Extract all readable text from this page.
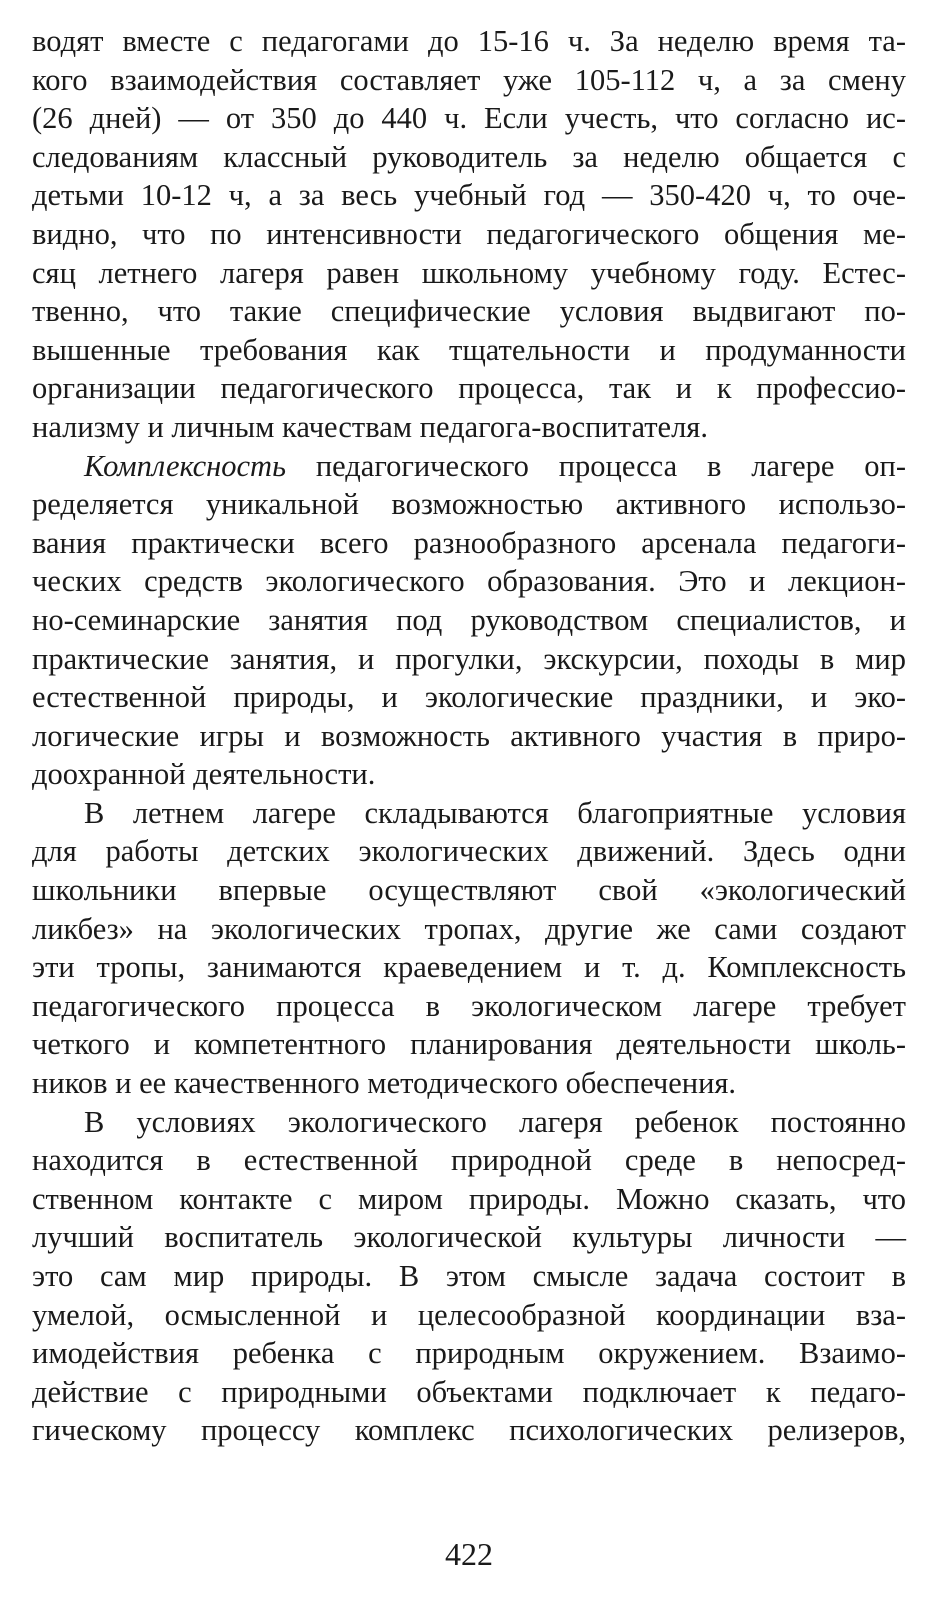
водят вместе с педагогами до 15-16 ч. За неделю время та-
кого взаимодействия составляет уже 105-112 ч, а за смену
(26 дней) — от 350 до 440 ч. Если учесть, что согласно ис-
следованиям классный руководитель за неделю общается с
детьми 10-12 ч, а за весь учебный год — 350-420 ч, то оче-
видно, что по интенсивности педагогического общения ме-
сяц летнего лагеря равен школьному учебному году. Естес-
твенно, что такие специфические условия выдвигают по-
вышенные требования как тщательности и продуманности
организации педагогического процесса, так и к профессио-
нализму и личным качествам педагога-воспитателя.
Комплексность педагогического процесса в лагере оп-
ределяется уникальной возможностью активного использо-
вания практически всего разнообразного арсенала педагоги-
ческих средств экологического образования. Это и лекцион-
но-семинарские занятия под руководством специалистов, и
практические занятия, и прогулки, экскурсии, походы в мир
естественной природы, и экологические праздники, и эко-
логические игры и возможность активного участия в приро-
доохранной деятельности.
В летнем лагере складываются благоприятные условия
для работы детских экологических движений. Здесь одни
школьники впервые осуществляют свой «экологический
ликбез» на экологических тропах, другие же сами создают
эти тропы, занимаются краеведением и т. д. Комплексность
педагогического процесса в экологическом лагере требует
четкого и компетентного планирования деятельности школь-
ников и ее качественного методического обеспечения.
В условиях экологического лагеря ребенок постоянно
находится в естественной природной среде в непосред-
ственном контакте с миром природы. Можно сказать, что
лучший воспитатель экологической культуры личности —
это сам мир природы. В этом смысле задача состоит в
умелой, осмысленной и целесообразной координации вза-
имодействия ребенка с природным окружением. Взаимо-
действие с природными объектами подключает к педаго-
гическому процессу комплекс психологических релизеров,
422
